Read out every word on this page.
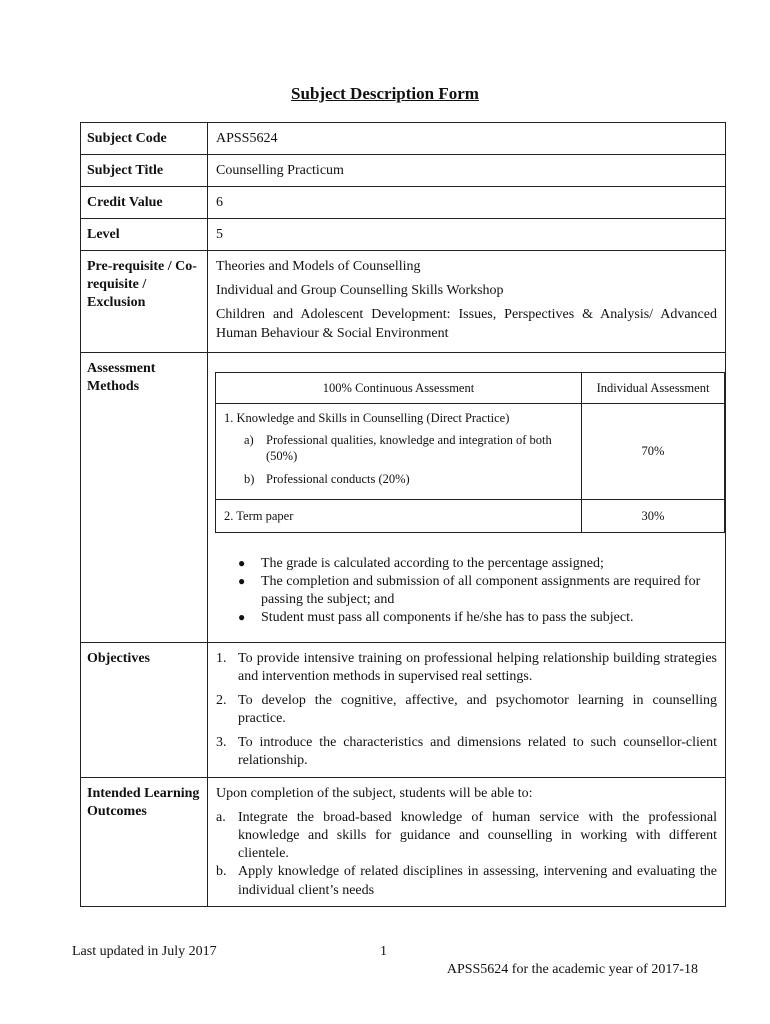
Subject Description Form
Subject Code	APSS5624
Subject Title	Counselling Practicum
Credit Value	6
Level	5
Pre-requisite / Co-requisite / Exclusion	

Theories and Models of Counselling

Individual and Group Counselling Skills Workshop

Children and Adolescent Development: Issues, Perspectives & Analysis/ Advanced Human Behaviour & Social Environment

Assessment Methods		100% Continuous Assessment	Individual Assessment

1. Knowledge and Skills in Counselling (Direct Practice)
a) Professional qualities, knowledge and integration of both (50%)
b) Professional conducts (20%)
	70%
2. Term paper	30%
●	The grade is calculated according to the percentage assigned;
●	The completion and submission of all component assignments are required for passing the subject; and
●	Student must pass all components if he/she has to pass the subject.

Objectives	1. To provide intensive training on professional helping relationship building strategies and intervention methods in supervised real settings.
2. To develop the cognitive, affective, and psychomotor learning in counselling practice.
3. To introduce the characteristics and dimensions related to such counsellor-client relationship.

Intended Learning Outcomes	

Upon completion of the subject, students will be able to:

a. Integrate the broad-based knowledge of human service with the professional knowledge and skills for guidance and counselling in working with different clientele.
b. Apply knowledge of related disciplines in assessing, intervening and evaluating the individual client’s needs
Last updated in July 2017	1
APSS5624 for the academic year of 2017-18
